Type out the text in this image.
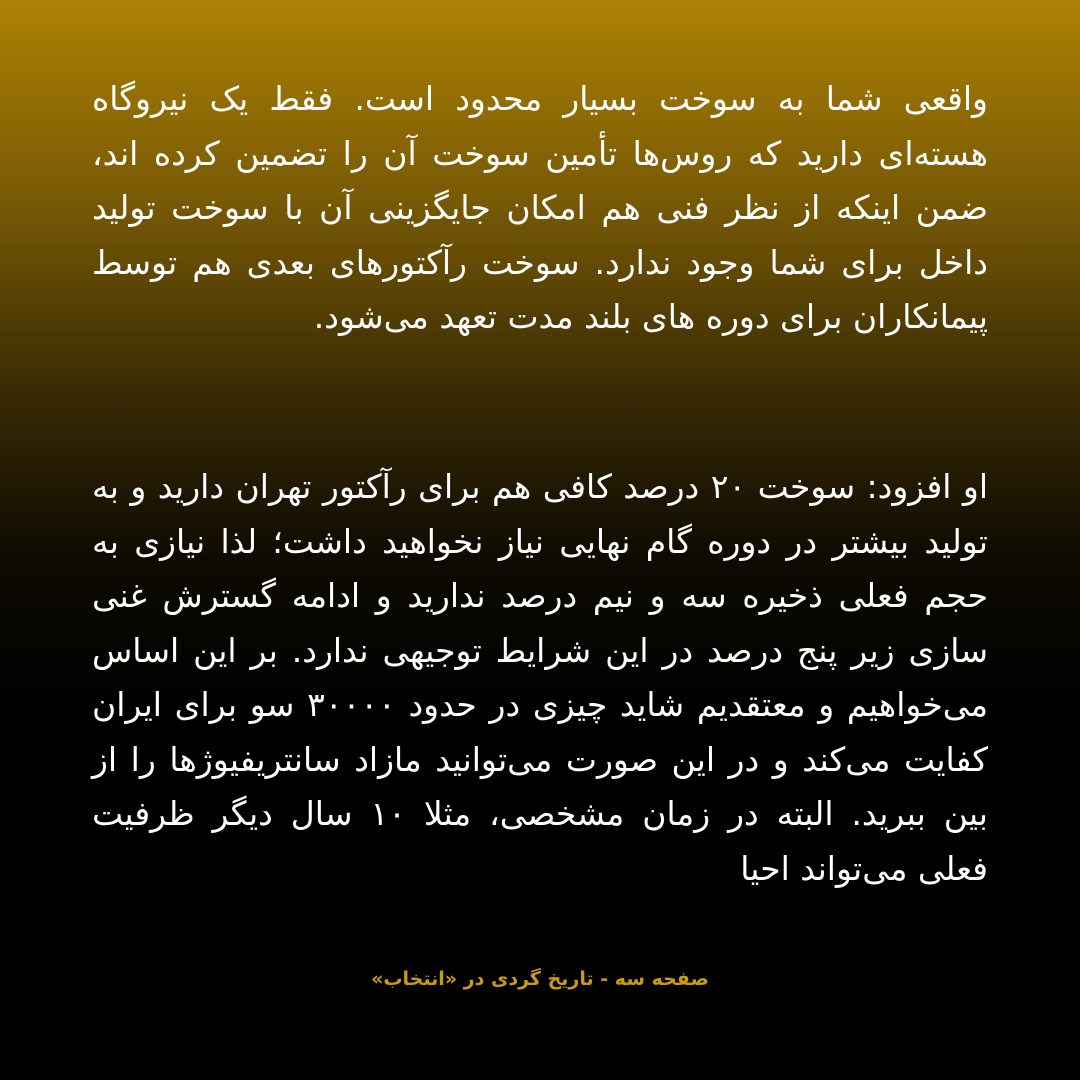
واقعی شما به سوخت بسیار محدود است. فقط یک نیروگاه هسته‌ای دارید که روس‌ها تأمین سوخت آن را تضمین کرده اند، ضمن اینکه از نظر فنی هم امکان جایگزینی آن با سوخت تولید داخل برای شما وجود ندارد. سوخت رآکتورهای بعدی هم توسط پیمانکاران برای دوره های بلند مدت تعهد می‌شود.

او افزود: سوخت ۲۰ درصد کافی هم برای رآکتور تهران دارید و به تولید بیشتر در دوره گام نهایی نیاز نخواهید داشت؛ لذا نیازی به حجم فعلی ذخیره سه و نیم درصد ندارید و ادامه گسترش غنی سازی زیر پنج درصد در این شرایط توجیهی ندارد. بر این اساس می‌خواهیم و معتقدیم شاید چیزی در حدود ۳۰۰۰۰ سو برای ایران کفایت می‌کند و در این صورت می‌توانید مازاد سانتریفیوژها را از بین ببرید. البته در زمان مشخصی، مثلا ۱۰ سال دیگر ظرفیت فعلی می‌تواند احیا

صفحه سه - تاریخ گردی در «انتخاب»
